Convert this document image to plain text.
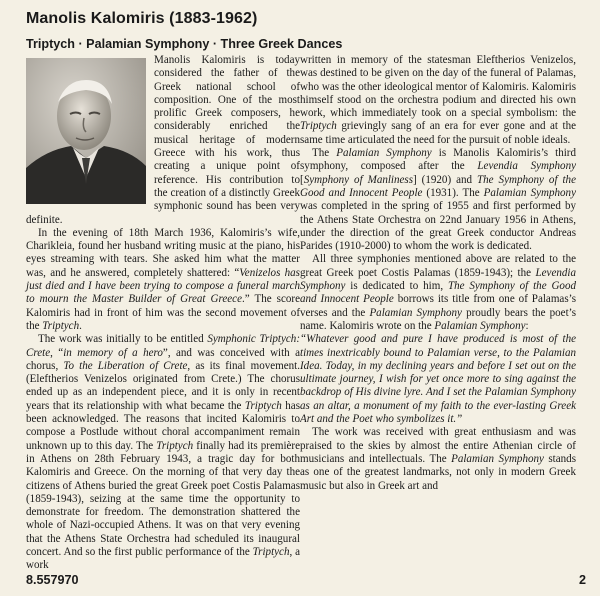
Manolis Kalomiris (1883-1962)
Triptych · Palamian Symphony · Three Greek Dances

Manolis Kalomiris is today considered the father of the Greek national school of composition. One of the most prolific Greek composers, he considerably enriched the musical heritage of modern Greece with his work, thus creating a unique point of reference. His contribution to the creation of a distinctly Greek symphonic sound has been very definite.

In the evening of 18th March 1936, Kalomiris’s wife, Charikleia, found her husband writing music at the piano, his eyes streaming with tears. She asked him what the matter was, and he answered, completely shattered: “Venizelos has just died and I have been trying to compose a funeral march to mourn the Master Builder of Great Greece.” The score Kalomiris had in front of him was the second movement of the Triptych.

The work was initially to be entitled Symphonic Triptych: Crete, “in memory of a hero”, and was conceived with a chorus, To the Liberation of Crete, as its final movement. (Eleftherios Venizelos originated from Crete.) The chorus ended up as an independent piece, and it is only in recent years that its relationship with what became the Triptych has been acknowledged. The reasons that incited Kalomiris to compose a Postlude without choral accompaniment remain unknown up to this day. The Triptych finally had its première in Athens on 28th February 1943, a tragic day for both Kalomiris and Greece. On the morning of that very day the citizens of Athens buried the great Greek poet Costis Palamas (1859-1943), seizing at the same time the opportunity to demonstrate for freedom. The demonstration shattered the whole of Nazi-occupied Athens. It was on that very evening that the Athens State Orchestra had scheduled its inaugural concert. And so the first public performance of the Triptych, a work

written in memory of the statesman Eleftherios Venizelos, was destined to be given on the day of the funeral of Palamas, who was the other ideological mentor of Kalomiris. Kalomiris himself stood on the orchestra podium and directed his own work, which immediately took on a special symbolism: the Triptych grievingly sang of an era for ever gone and at the same time articulated the need for the pursuit of noble ideals.

The Palamian Symphony is Manolis Kalomiris’s third symphony, composed after the Levendia Symphony [Symphony of Manliness] (1920) and The Symphony of the Good and Innocent People (1931). The Palamian Symphony was completed in the spring of 1955 and first performed by the Athens State Orchestra on 22nd January 1956 in Athens, under the direction of the great Greek conductor Andreas Parides (1910-2000) to whom the work is dedicated.

All three symphonies mentioned above are related to the great Greek poet Costis Palamas (1859-1943); the Levendia Symphony is dedicated to him, The Symphony of the Good and Innocent People borrows its title from one of Palamas’s verses and the Palamian Symphony proudly bears the poet’s name. Kalomiris wrote on the Palamian Symphony:

“Whatever good and pure I have produced is most of the times inextricably bound to Palamian verse, to the Palamian Idea. Today, in my declining years and before I set out on the ultimate journey, I wish for yet once more to sing against the backdrop of His divine lyre. And I set the Palamian Symphony as an altar, a monument of my faith to the ever-lasting Greek Art and the Poet who symbolizes it.”

The work was received with great enthusiasm and was praised to the skies by almost the entire Athenian circle of musicians and intellectuals. The Palamian Symphony stands as one of the greatest landmarks, not only in modern Greek music but also in Greek art and

8.557970	2
